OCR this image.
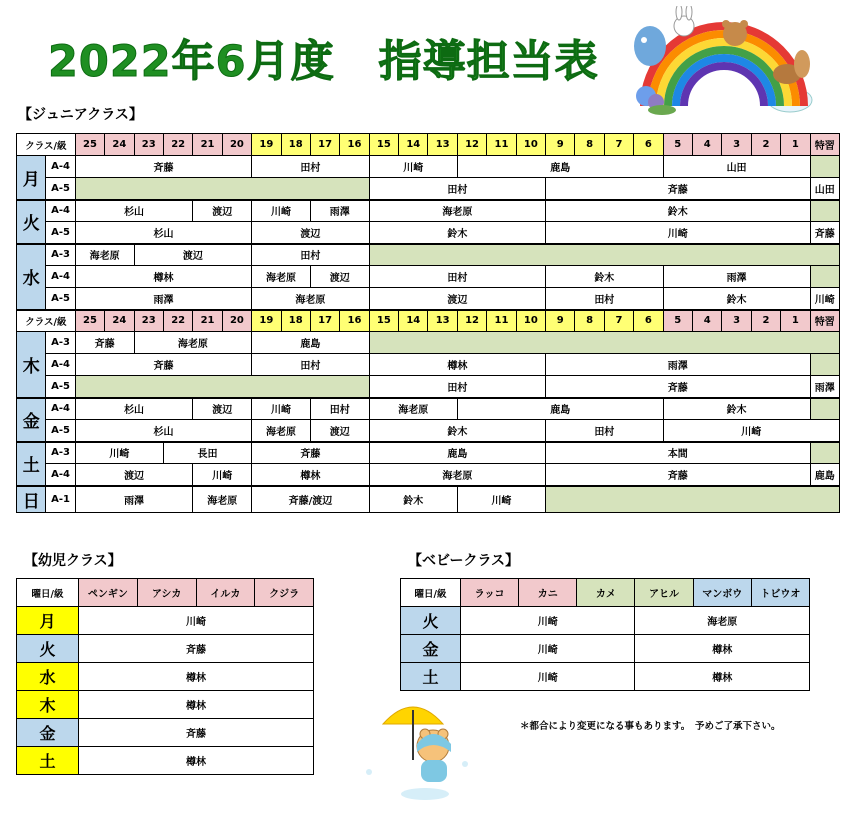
2022年6月度　指導担当表
【ジュニアクラス】
クラス/級		25	24	23	22	21	20	19	18	17	16	15	14	13	12	11	10	9	8	7	6	5	4	3	2	1	特習
月	A-4	斉藤						田村				川崎			鹿島							山田					
	A-5											田村						斉藤									山田
火	A-4	杉山				渡辺		川崎		雨澤		海老原						鈴木									
	A-5	杉山						渡辺				鈴木						川崎									斉藤
水	A-3	海老原		渡辺				田村																			
	A-4	樽林						海老原		渡辺		田村						鈴木				雨澤					
	A-5	雨澤						海老原				渡辺						田村				鈴木					川崎
クラス/級		25	24	23	22	21	20	19	18	17	16	15	14	13	12	11	10	9	8	7	6	5	4	3	2	1	特習
木	A-3	斉藤		海老原				鹿島																			
	A-4	斉藤						田村				樽林						雨澤									
	A-5											田村						斉藤									雨澤
金	A-4	杉山				渡辺		川崎		田村		海老原			鹿島							鈴木					
	A-5	杉山						海老原		渡辺		鈴木						田村				川崎					
土	A-3	川崎			長田			斉藤				鹿島						本間									
	A-4	渡辺				川崎		樽林				海老原						斉藤									鹿島
日	A-1	雨澤				海老原		斉藤/渡辺				鈴木			川崎												
【幼児クラス】
曜日/級	ペンギン	アシカ	イルカ	クジラ
月	川崎			
火	斉藤			
水	樽林			
木	樽林			
金	斉藤			
土	樽林			
【ベビークラス】
曜日/級	ラッコ	カニ	カメ	アヒル	マンボウ	トビウオ
火	川崎			海老原		
金	川崎			樽林		
土	川崎			樽林		
＊都合により変更になる事もあります。　予めご了承下さい。
